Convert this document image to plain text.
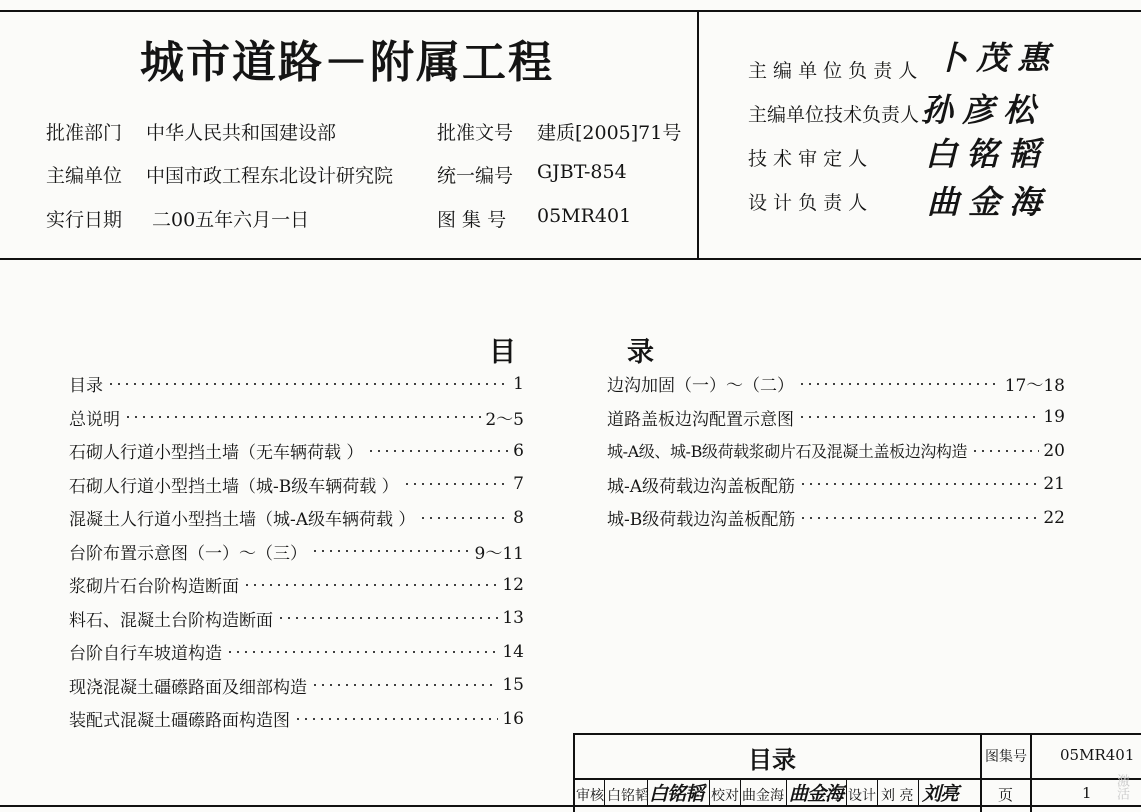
城市道路－附属工程
批准部门 中华人民共和国建设部	批准文号 建质[2005]71号
主编单位 中国市政工程东北设计研究院 统一编号 GJBT-854
实行日期 二00五年六月一日	图 集 号 05MR401
主 编 单 位 负 责 人 卜 茂 惠
主编单位技术负责人 孙 彦 松
技 术 审 定 人 白 铭 韬
设 计 负 责 人 曲 金 海
目	录
目录	1
总说明	2～5
石砌人行道小型挡土墙（无车辆荷载 ）	6
石砌人行道小型挡土墙（城-B级车辆荷载 ）	7
混凝土人行道小型挡土墙（城-A级车辆荷载 ）	8
台阶布置示意图（一）～（三）	9～11
浆砌片石台阶构造断面	12
料石、混凝土台阶构造断面	13
台阶自行车坡道构造	14
现浇混凝土礓礤路面及细部构造	15
装配式混凝土礓礤路面构造图	16
边沟加固（一）～（二）	17～18
道路盖板边沟配置示意图	19
城-A级、城-B级荷载浆砌片石及混凝土盖板边沟构造	20
城-A级荷载边沟盖板配筋	21
城-B级荷载边沟盖板配筋	22
目录	图集号 05MR401
页	1
审核 白铭韬 白铭韬 校对 曲金海 曲金海 设计 刘 亮 刘亮	激活
